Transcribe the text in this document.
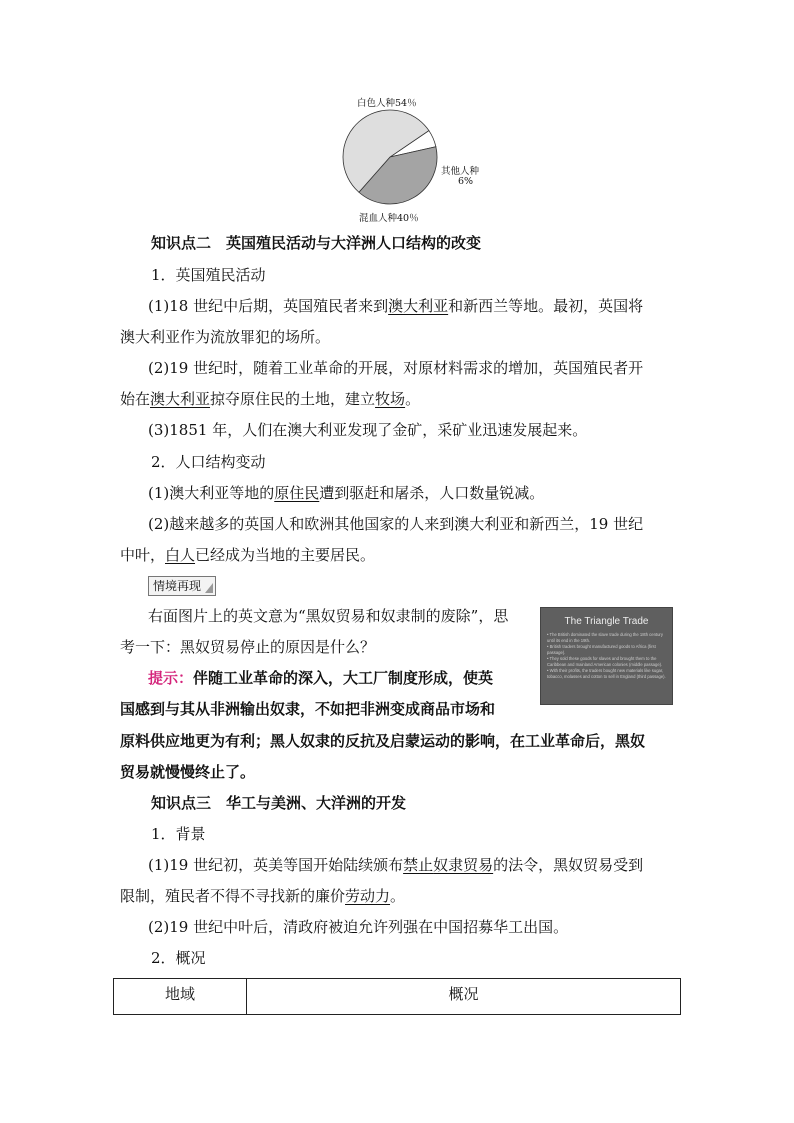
白色人种54％
其他人种
6%
混血人种40％
知识点二　英国殖民活动与大洋洲人口结构的改变
1．英国殖民活动
(1)18 世纪中后期，英国殖民者来到澳大利亚和新西兰等地。最初，英国将
澳大利亚作为流放罪犯的场所。
(2)19 世纪时，随着工业革命的开展，对原材料需求的增加，英国殖民者开
始在澳大利亚掠夺原住民的土地，建立牧场。
(3)1851 年，人们在澳大利亚发现了金矿，采矿业迅速发展起来。
2．人口结构变动
(1)澳大利亚等地的原住民遭到驱赶和屠杀，人口数量锐减。
(2)越来越多的英国人和欧洲其他国家的人来到澳大利亚和新西兰，19 世纪
中叶，白人已经成为当地的主要居民。
情境再现
右面图片上的英文意为“黑奴贸易和奴隶制的废除”，思
考一下：黑奴贸易停止的原因是什么？
提示：伴随工业革命的深入，大工厂制度形成，使英
国感到与其从非洲输出奴隶，不如把非洲变成商品市场和
原料供应地更为有利；黑人奴隶的反抗及启蒙运动的影响，在工业革命后，黑奴
贸易就慢慢终止了。
The Triangle Trade
• The British dominated the slave trade during the 18th century until its end in the 19th.
• British traders brought manufactured goods to Africa (first passage).
• They sold these goods for slaves and brought them to the Caribbean and mainland American colonies (middle passage).
• With their profits, the traders bought new materials like sugar, tobacco, molasses and cotton to sell in England (third passage).
知识点三　华工与美洲、大洋洲的开发
1．背景
(1)19 世纪初，英美等国开始陆续颁布禁止奴隶贸易的法令，黑奴贸易受到
限制，殖民者不得不寻找新的廉价劳动力。
(2)19 世纪中叶后，清政府被迫允许列强在中国招募华工出国。
2．概况
地域	概况
